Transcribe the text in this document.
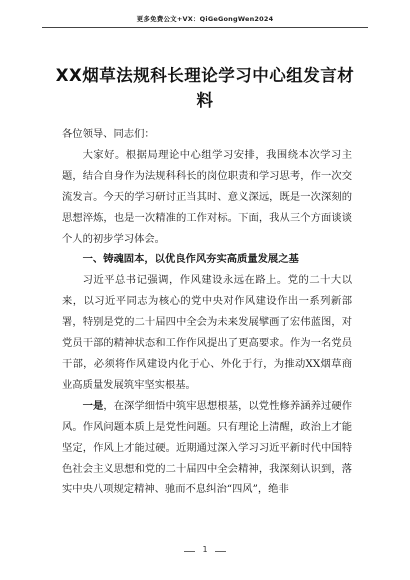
更多免费公文+VX：QiGeGongWen2024
XX烟草法规科长理论学习中心组发言材料

各位领导、同志们：

大家好。根据局理论中心组学习安排，我围绕本次学习主题，结合自身作为法规科科长的岗位职责和学习思考，作一次交流发言。今天的学习研讨正当其时、意义深远，既是一次深刻的思想淬炼，也是一次精准的工作对标。下面，我从三个方面谈谈个人的初步学习体会。

一、铸魂固本，以优良作风夯实高质量发展之基

习近平总书记强调，作风建设永远在路上。党的二十大以来，以习近平同志为核心的党中央对作风建设作出一系列新部署，特别是党的二十届四中全会为未来发展擘画了宏伟蓝图，对党员干部的精神状态和工作作风提出了更高要求。作为一名党员干部，必须将作风建设内化于心、外化于行，为推动XX烟草商业高质量发展筑牢坚实根基。

一是，在深学细悟中筑牢思想根基，以党性修养涵养过硬作风。作风问题本质上是党性问题。只有理论上清醒，政治上才能坚定，作风上才能过硬。近期通过深入学习习近平新时代中国特色社会主义思想和党的二十届四中全会精神，我深刻认识到，落实中央八项规定精神、驰而不息纠治“四风”，绝非

1
